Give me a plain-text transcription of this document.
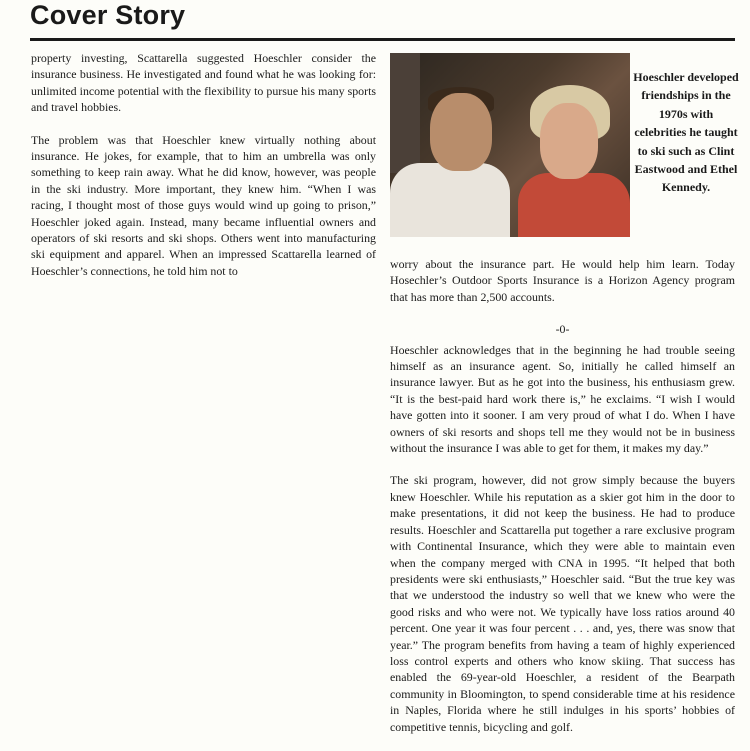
Cover Story

property investing, Scattarella suggested Hoeschler consider the insurance business. He investigated and found what he was looking for: unlimited income potential with the flexibility to pursue his many sports and travel hobbies.

The problem was that Hoeschler knew virtually nothing about insurance. He jokes, for example, that to him an umbrella was only something to keep rain away. What he did know, however, was people in the ski industry. More important, they knew him. “When I was racing, I thought most of those guys would wind up going to prison,” Hoeschler joked again. Instead, many became influential owners and operators of ski resorts and ski shops. Others went into manufacturing ski equipment and apparel. When an impressed Scattarella learned of Hoeschler’s connections, he told him not to

Hoeschler developed friendships in the 1970s with celebrities he taught to ski such as Clint Eastwood and Ethel Kennedy.

worry about the insurance part. He would help him learn. Today Hosechler’s Outdoor Sports Insurance is a Horizon Agency program that has more than 2,500 accounts.

-0-

Hoeschler acknowledges that in the beginning he had trouble seeing himself as an insurance agent. So, initially he called himself an insurance lawyer. But as he got into the business, his enthusiasm grew. “It is the best-paid hard work there is,” he exclaims. “I wish I would have gotten into it sooner. I am very proud of what I do. When I have owners of ski resorts and shops tell me they would not be in business without the insurance I was able to get for them, it makes my day.”

The ski program, however, did not grow simply because the buyers knew Hoeschler. While his reputation as a skier got him in the door to make presentations, it did not keep the business. He had to produce results. Hoeschler and Scattarella put together a rare exclusive program with Continental Insurance, which they were able to maintain even when the company merged with CNA in 1995. “It helped that both presidents were ski enthusiasts,” Hoeschler said. “But the true key was that we understood the industry so well that we knew who were the good risks and who were not. We typically have loss ratios around 40 percent. One year it was four percent . . . and, yes, there was snow that year.” The program benefits from having a team of highly experienced loss control experts and others who know skiing. That success has enabled the 69-year-old Hoeschler, a resident of the Bearpath community in Bloomington, to spend considerable time at his residence in Naples, Florida where he still indulges in his sports’ hobbies of competitive tennis, bicycling and golf.
